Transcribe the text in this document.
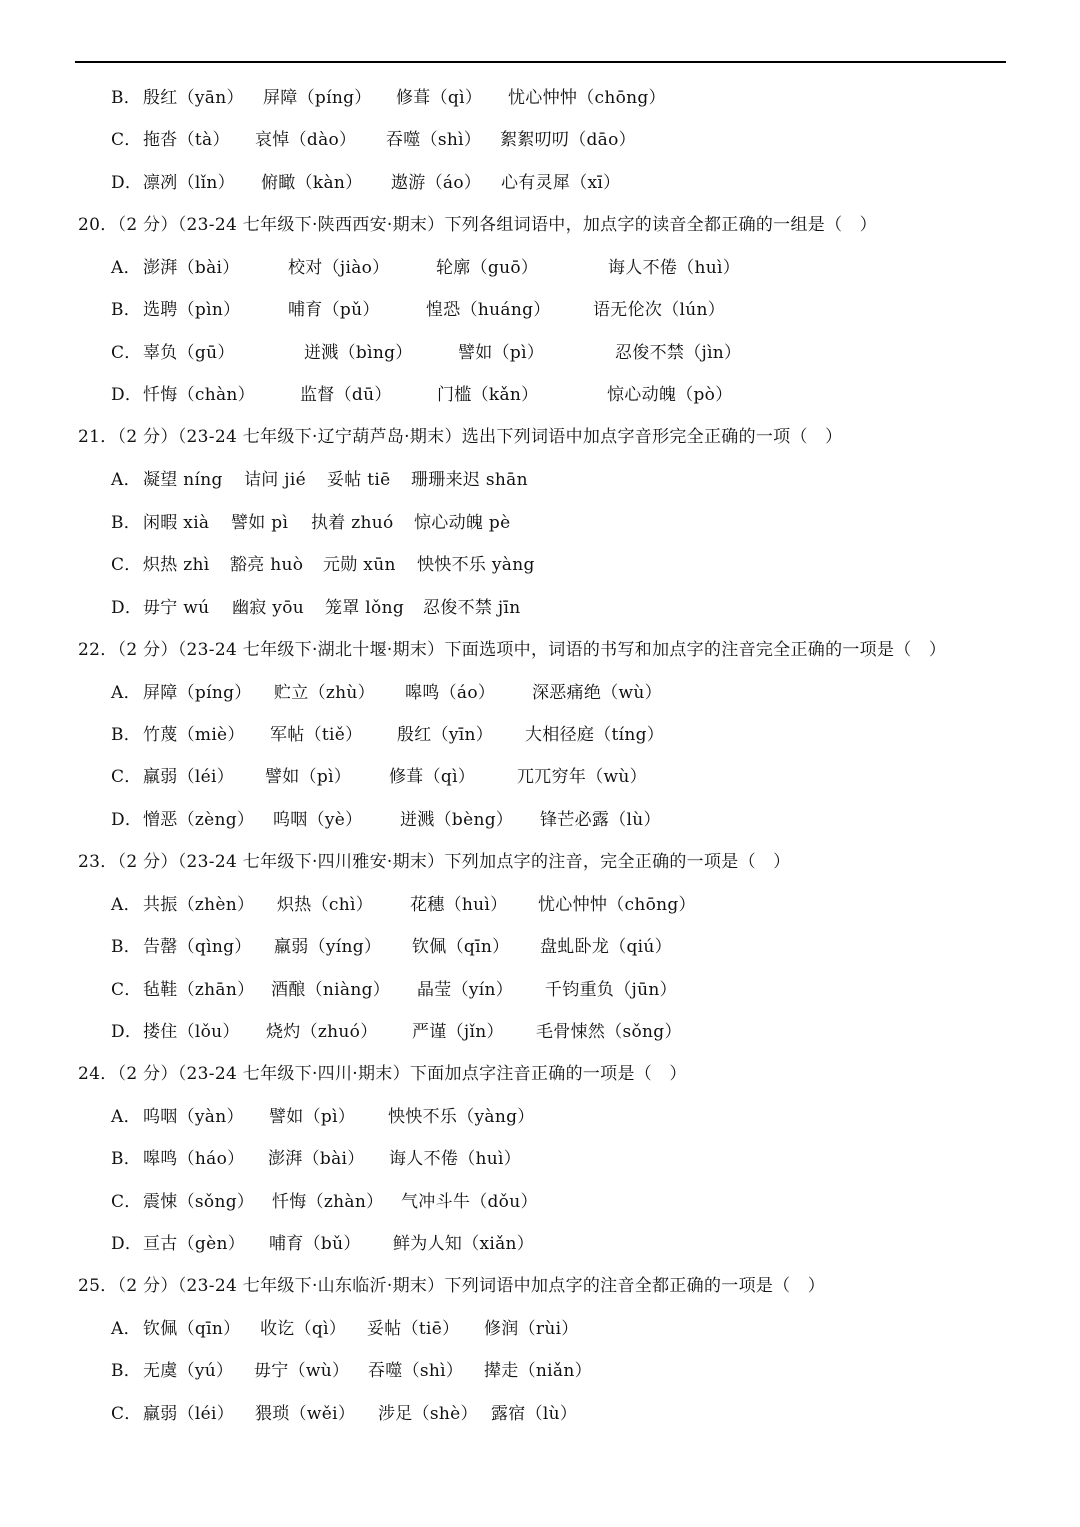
B． 殷红（yān） 屏障（píng） 修葺（qì） 忧心忡忡（chōng）
C．拖沓（tà） 哀悼（dào） 吞噬（shì） 絮絮叨叨（dāo）
D．凛冽（lǐn） 俯瞰（kàn） 遨游（áo） 心有灵犀（xī）
20．（2 分）（23-24 七年级下·陕西西安·期末）下列各组词语中，加点字的读音全都正确的一组是（　）
A． 澎湃（bài）	校对（jiào）	轮廓（guō）	诲人不倦（huì）
B． 选聘（pìn）	哺育（pǔ）	惶恐（huáng） 语无伦次（lún）
C．辜负（gū）	迸溅（bìng）	譬如（pì）	忍俊不禁（jìn）
D．忏悔（chàn）	监督（dū）	门槛（kǎn）	惊心动魄（pò）
21．（2 分）（23-24 七年级下·辽宁葫芦岛·期末）选出下列词语中加点字音形完全正确的一项（　）
A． 凝望 níng 诘问 jié 妥帖 tiē 珊珊来迟 shān
B． 闲暇 xià 譬如 pì 执着 zhuó 惊心动魄 pè
C．炽热 zhì 豁亮 huò 元勋 xūn 怏怏不乐 yàng
D．毋宁 wú 幽寂 yōu 笼罩 lǒng 忍俊不禁 jīn
22．（2 分）（23-24 七年级下·湖北十堰·期末）下面选项中，词语的书写和加点字的注音完全正确的一项是（　）
A． 屏障（píng） 贮立（zhù） 嗥鸣（áo） 深恶痛绝（wù）
B． 竹蔑（miè） 军帖（tiě） 殷红（yīn） 大相径庭（tíng）
C．羸弱（léi） 譬如（pì） 修葺（qì） 兀兀穷年（wù）
D．憎恶（zèng） 呜咽（yè） 迸溅（bèng） 锋芒必露（lù）
23．（2 分）（23-24 七年级下·四川雅安·期末）下列加点字的注音，完全正确的一项是（　）
A． 共振（zhèn） 炽热（chì） 花穗（huì） 忧心忡忡（chōng）
B． 告罄（qìng） 羸弱（yíng） 钦佩（qīn） 盘虬卧龙（qiú）
C．毡鞋（zhān） 酒酿（niàng） 晶莹（yín） 千钧重负（jūn）
D．搂住（lǒu） 烧灼（zhuó） 严谨（jǐn） 毛骨悚然（sǒng）
24．（2 分）（23-24 七年级下·四川·期末）下面加点字注音正确的一项是（　）
A． 呜咽（yàn） 譬如（pì） 怏怏不乐（yàng）
B． 嗥鸣（háo） 澎湃（bài） 诲人不倦（huì）
C．震悚（sǒng） 忏悔（zhàn） 气冲斗牛（dǒu）
D．亘古（gèn） 哺育（bǔ） 鲜为人知（xiǎn）
25．（2 分）（23-24 七年级下·山东临沂·期末）下列词语中加点字的注音全都正确的一项是（　）
A． 钦佩（qīn） 收讫（qì） 妥帖（tiē） 修润（rùi）
B． 无虞（yú） 毋宁（wù） 吞噬（shì） 撵走（niǎn）
C．羸弱（léi） 猥琐（wěi） 涉足（shè） 露宿（lù）
